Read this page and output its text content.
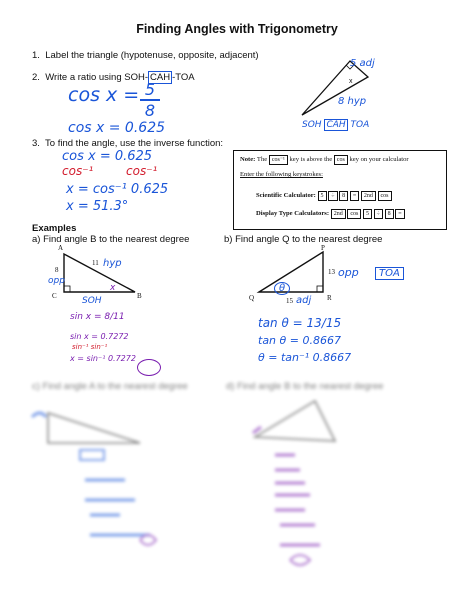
Finding Angles with Trigonometry
1. Label the triangle (hypotenuse, opposite, adjacent)
2. Write a ratio using SOH- CAH -TOA
$\cos x = \frac{5}{8}$
cos x = 0.625
5 adj
x
8 hyp
SOH CAH TOA
3. To find the angle, use the inverse function:
cos x = 0.625
cos⁻¹	cos⁻¹
x = cos⁻¹ 0.625
x = 51.3°
Note: The cos⁻¹ key is above the cos key on your calculator
Enter the following keystrokes:
Scientific Calculator: 5 ÷ 8 = 2nd cos
Display Type Calculators: 2nd cos 5 ÷ 8 =
Examples
a) Find angle B to the nearest degree	b) Find angle Q to the nearest degree
A
C	B
8
opp
11 hyp
x
SOH
sin x = 8/11
sin x = 0.7272
sin⁻¹ sin⁻¹
x = sin⁻¹ 0.7272
P
Q	R
13 opp	TOA
θ
15 adj
tan θ = 13/15
tan θ = 0.8667
θ = tan⁻¹ 0.8667
c) Find angle A to the nearest degree	d) Find angle B to the nearest degree
